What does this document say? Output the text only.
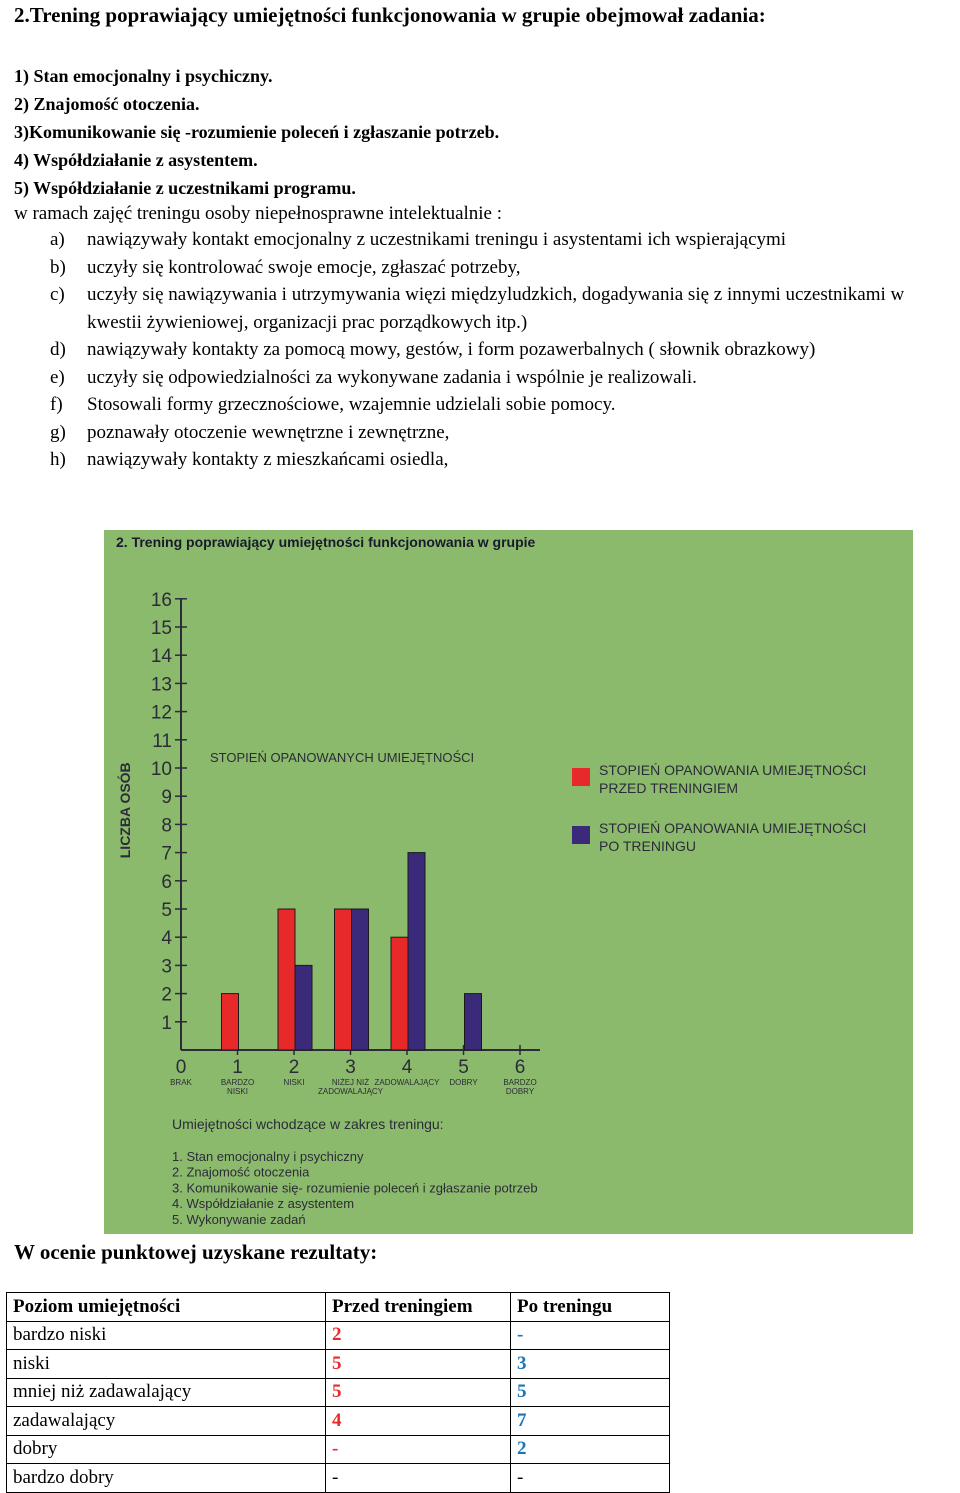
2.Trening poprawiający umiejętności funkcjonowania w grupie obejmował zadania:
1) Stan emocjonalny i psychiczny.
2) Znajomość otoczenia.
3)Komunikowanie się -rozumienie poleceń i zgłaszanie potrzeb.
4) Współdziałanie z asystentem.
5) Współdziałanie z uczestnikami programu.
w ramach zajęć treningu osoby niepełnosprawne intelektualnie :
a)	nawiązywały kontakt emocjonalny z uczestnikami treningu i asystentami ich wspierającymi
b)	uczyły się kontrolować swoje emocje, zgłaszać potrzeby,
c)	uczyły się nawiązywania i utrzymywania więzi międzyludzkich, dogadywania się z innymi uczestnikami w kwestii żywieniowej, organizacji prac porządkowych itp.)
d)	nawiązywały kontakty za pomocą mowy, gestów, i form pozawerbalnych ( słownik obrazkowy)
e)	uczyły się odpowiedzialności za wykonywane zadania i wspólnie je realizowali.
f)	Stosowali formy grzecznościowe, wzajemnie udzielali sobie pomocy.
g)	poznawały otoczenie wewnętrzne i zewnętrzne,
h)	nawiązywały kontakty z mieszkańcami osiedla,
2. Trening poprawiający umiejętności funkcjonowania w grupie
1
2
3
4
5
6
7
8
9
10
11
12
13
14
15
16
0
BRAK
1
BARDZO
NISKI
2
NISKI
3
NIŻEJ NIŻ
ZADOWALAJĄCY
4
ZADOWALAJĄCY
5
DOBRY
6
BARDZO
DOBRY
LICZBA OSÓB
STOPIEŃ OPANOWANYCH UMIEJĘTNOŚCI
STOPIEŃ OPANOWANIA UMIEJĘTNOŚCI
PRZED TRENINGIEM
STOPIEŃ OPANOWANIA UMIEJĘTNOŚCI
PO TRENINGU
Umiejętności wchodzące w zakres treningu:
1. Stan emocjonalny i psychiczny
2. Znajomość otoczenia
3. Komunikowanie się- rozumienie poleceń i zgłaszanie potrzeb
4. Współdziałanie z asystentem
5. Wykonywanie zadań
W ocenie punktowej uzyskane rezultaty:
Poziom umiejętności	Przed treningiem	Po treningu
bardzo niski	2	-
niski	5	3
mniej niż zadawalający	5	5
zadawalający	4	7
dobry	-	2
bardzo dobry	-	-
